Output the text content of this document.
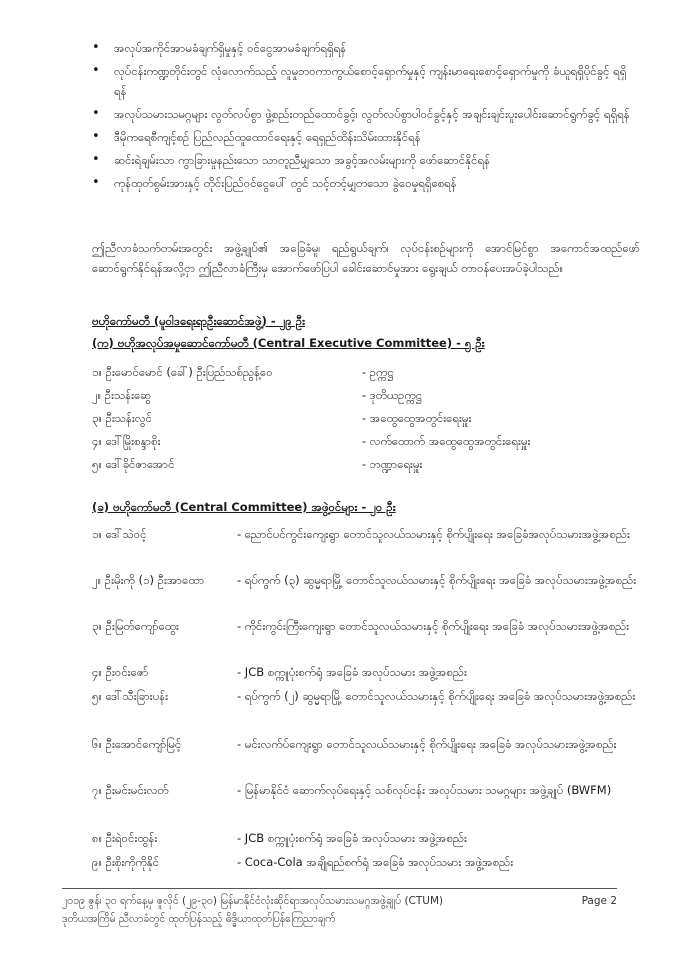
• အလုပ်အကိုင်အာမခံချက်ရှိမှုနှင့် ဝင်ငွေအာမခံချက်ရရှိရန်
• လုပ်ငန်းကဏ္ဍတိုင်းတွင် လုံလောက်သည့် လူမှုဘဝကာကွယ်စောင့်ရှောက်မှုနှင့် ကျန်းမာရေးစောင့်ရှောက်မှုကို ခံယူရရှိပိုင်ခွင့် ရရှိရန်
• အလုပ်သမားသမဂ္ဂများ လွတ်လပ်စွာ ဖွဲ့စည်းတည်ထောင်ခွင့်၊ လွတ်လပ်စွာပါဝင်ခွင့်နှင့် အချင်းချင်းပူးပေါင်းဆောင်ရွက်ခွင့် ရရှိရန်
• ဒီမိုကရေစီကျင့်စဉ် ပြည်လည်ထူထောင်ရေးနှင့် ရေရှည်ထိန်းသိမ်းထားနိုင်ရန်
• ဆင်းရဲချမ်းသာ ကွာခြားမှုနည်းသော သာတူညီမျှသော အခွင့်အလမ်းများကို ဖော်ဆောင်နိုင်ရန်
• ကုန်ထုတ်စွမ်းအားနှင့် တိုင်းပြည်ဝင်ငွေပေါ် တွင် သင့်တင့်မျှတသော ခွဲဝေမှုရရှိစေရန်
ဤညီလာခံသက်တမ်းအတွင်း အဖွဲ့ချုပ်၏ အခြေခံမူ၊ ရည်ရွယ်ချက်၊ လုပ်ငန်းစဉ်များကို အောင်မြင်စွာ အကောင်အထည်ဖော် ဆောင်ရွက်နိုင်ရန်အလို့ငှာ ဤညီလာခံကြီးမှ အောက်ဖော်ပြပါ ခေါင်းဆောင်မှုအား ရွေးချယ် တာဝန်ပေးအပ်ခဲ့ပါသည်။
ဗဟိုကော်မတီ (မူဝါဒရေးရာဦးဆောင်အဖွဲ့) - ၂၉ ဦး
(က) ဗဟိုအလုပ်အမှုဆောင်ကော်မတီ (Central Executive Committee) - ၅ ဦး
၁။ ဦးမောင်မောင် (ခေါ်) ဦးပြည်သစ်ညွန့်ဝေ	- ဥက္ကဋ္ဌ
၂။ ဦးသန်းဆွေ	- ဒုတိယဥက္ကဋ္ဌ
၃။ ဦးသန်းလွင်	- အထွေထွေအတွင်းရေးမှူး
၄။ ဒေါ်မြိုးစန္ဒာစိုး	- လက်ထောက် အထွေထွေအတွင်းရေးမှူး
၅။ ဒေါ်ခိုင်ဇာအောင်	- ဘဏ္ဍာရေးမှူး
(ခ) ဗဟိုကော်မတီ (Central Committee) အဖွဲ့ဝင်များ - ၂၀ ဦး
၁။ ဒေါ်သဲဝင့်	- ညောင်ပင်ကွင်းကျေးရွာ တောင်သူလယ်သမားနှင့် စိုက်ပျိုးရေး အခြေခံအလုပ်သမားအဖွဲ့အစည်း
၂။ ဦးမိုးကို (၁) ဦးအာထော	- ရပ်ကွက် (၃) ဆွမ္မရာမြို့ တောင်သူလယ်သမားနှင့် စိုက်ပျိုးရေး အခြေခံ အလုပ်သမားအဖွဲ့အစည်း
၃။ ဦးမြတ်ကျော်ထွေး	- ကိုင်းကွင်းကြီးကျေးရွာ တောင်သူလယ်သမားနှင့် စိုက်ပျိုးရေး အခြေခံ အလုပ်သမားအဖွဲ့အစည်း
၄။ ဦးဝင်းဇော်	- JCB စက္ကူပုံးစက်ရုံ အခြေခံ အလုပ်သမား အဖွဲ့အစည်း
၅။ ဒေါ်သီးခြားပန်း	- ရပ်ကွက် (၂) ဆွမ္မရာမြို့ တောင်သူလယ်သမားနှင့် စိုက်ပျိုးရေး အခြေခံ အလုပ်သမားအဖွဲ့အစည်း
၆။ ဦးအောင်ကျော်မြင့်	- မင်းလက်ပ်ကျေးရွာ တောင်သူလယ်သမားနှင့် စိုက်ပျိုးရေး အခြေခံ အလုပ်သမားအဖွဲ့အစည်း
၇။ ဦးမင်းမင်းလတ်	- မြန်မာနိုင်ငံ ဆောက်လုပ်ရေးနှင့် သစ်လုပ်ငန်း အလုပ်သမား သမဂ္ဂများ အဖွဲ့ချုပ် (BWFM)
၈။ ဦးရဲဝင်းထွန်း	- JCB စက္ကူပုံးစက်ရုံ အခြေခံ အလုပ်သမား အဖွဲ့အစည်း
၉။ ဦးစိုးကိုကိုနိုင်	- Coca-Cola အချိုရည်စက်ရုံ အခြေခံ အလုပ်သမား အဖွဲ့အစည်း
၂၀၁၉ ဇွန်၊ ၃ဝ ရက်နေ့မှ ဇူလိုင် (၂၉-၃၀) မြန်မာနိုင်ငံလုံးဆိုင်ရာအလုပ်သမားသမဂ္ဂအဖွဲ့ချုပ် (CTUM)
ဒုတိယအကြိမ် ညီလာခံတွင် ထုတ်ပြန်သည့် ဓိဒ္ဓိယာထုတ်ပြန်ကြေညာချက်
Page 2
